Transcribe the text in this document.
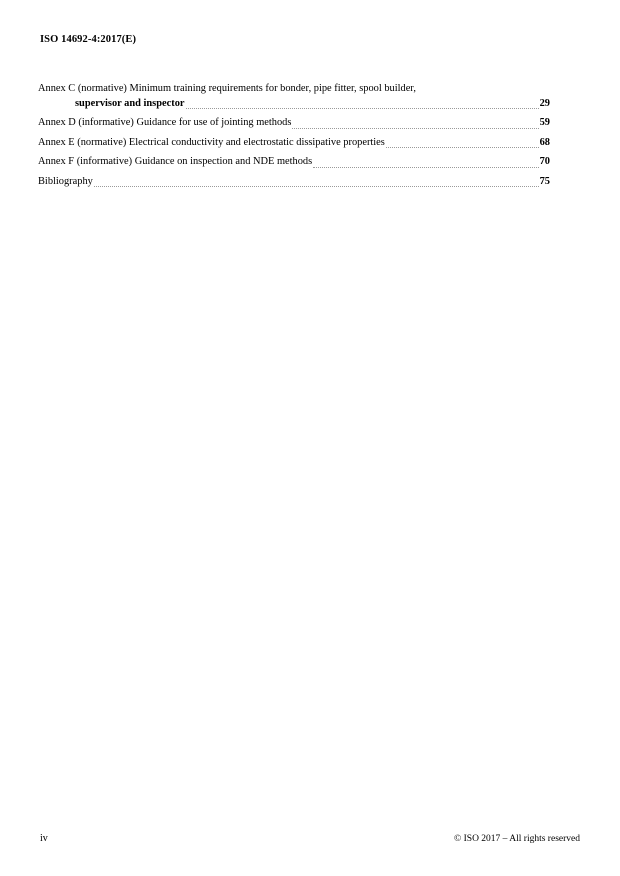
ISO 14692-4:2017(E)
Annex C (normative) Minimum training requirements for bonder, pipe fitter, spool builder,
supervisor and inspector	29
Annex D (informative) Guidance for use of jointing methods	59
Annex E (normative) Electrical conductivity and electrostatic dissipative properties	68
Annex F (informative) Guidance on inspection and NDE methods	70
Bibliography	75
iv	© ISO 2017 – All rights reserved
